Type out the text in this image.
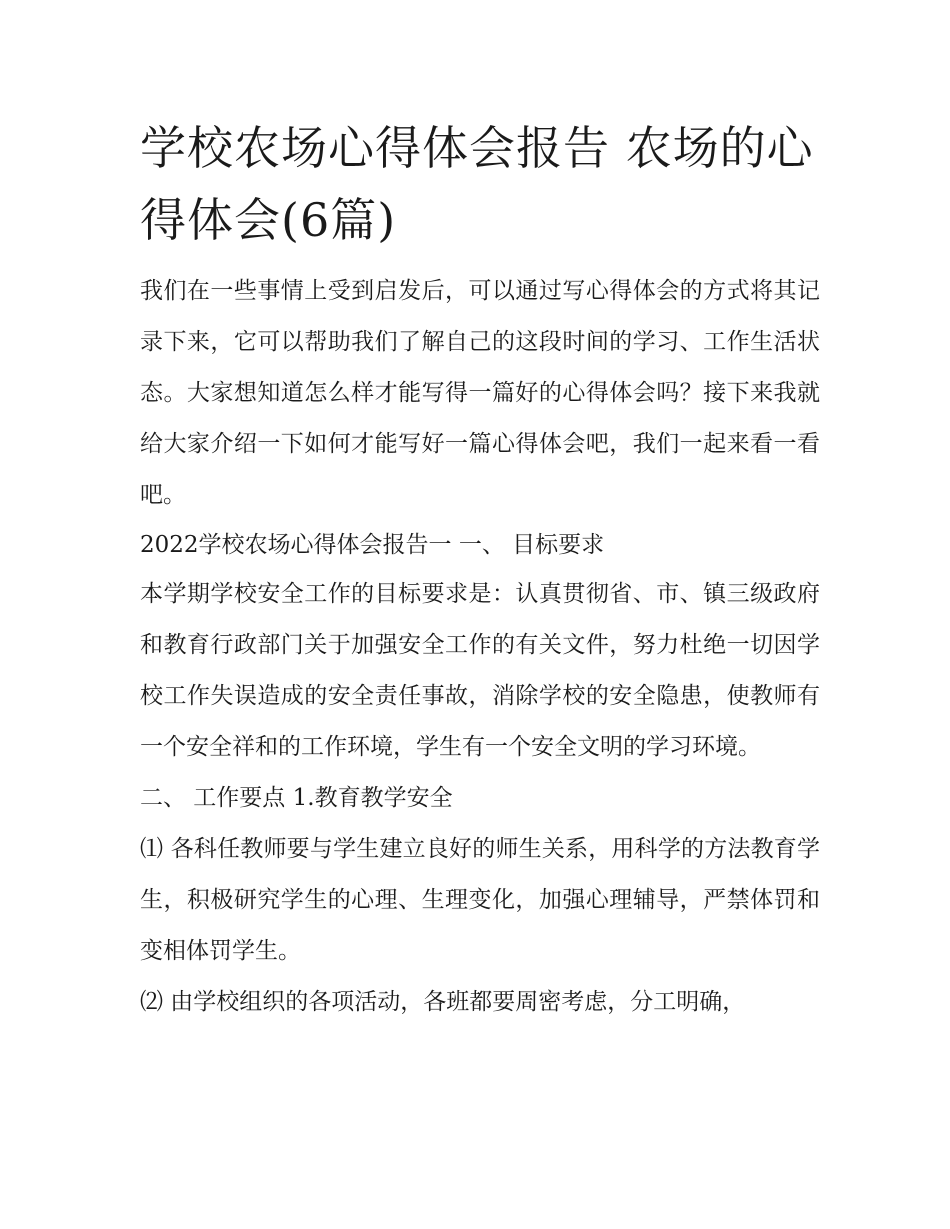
学校农场心得体会报告 农场的心得体会(6篇)

我们在一些事情上受到启发后，可以通过写心得体会的方式将其记录下来，它可以帮助我们了解自己的这段时间的学习、工作生活状态。大家想知道怎么样才能写得一篇好的心得体会吗？接下来我就给大家介绍一下如何才能写好一篇心得体会吧，我们一起来看一看吧。

2022学校农场心得体会报告一 一、 目标要求

本学期学校安全工作的目标要求是：认真贯彻省、市、镇三级政府和教育行政部门关于加强安全工作的有关文件，努力杜绝一切因学校工作失误造成的安全责任事故，消除学校的安全隐患，使教师有一个安全祥和的工作环境，学生有一个安全文明的学习环境。

二、 工作要点 1.教育教学安全

⑴ 各科任教师要与学生建立良好的师生关系，用科学的方法教育学生，积极研究学生的心理、生理变化，加强心理辅导，严禁体罚和变相体罚学生。

⑵ 由学校组织的各项活动，各班都要周密考虑，分工明确，
